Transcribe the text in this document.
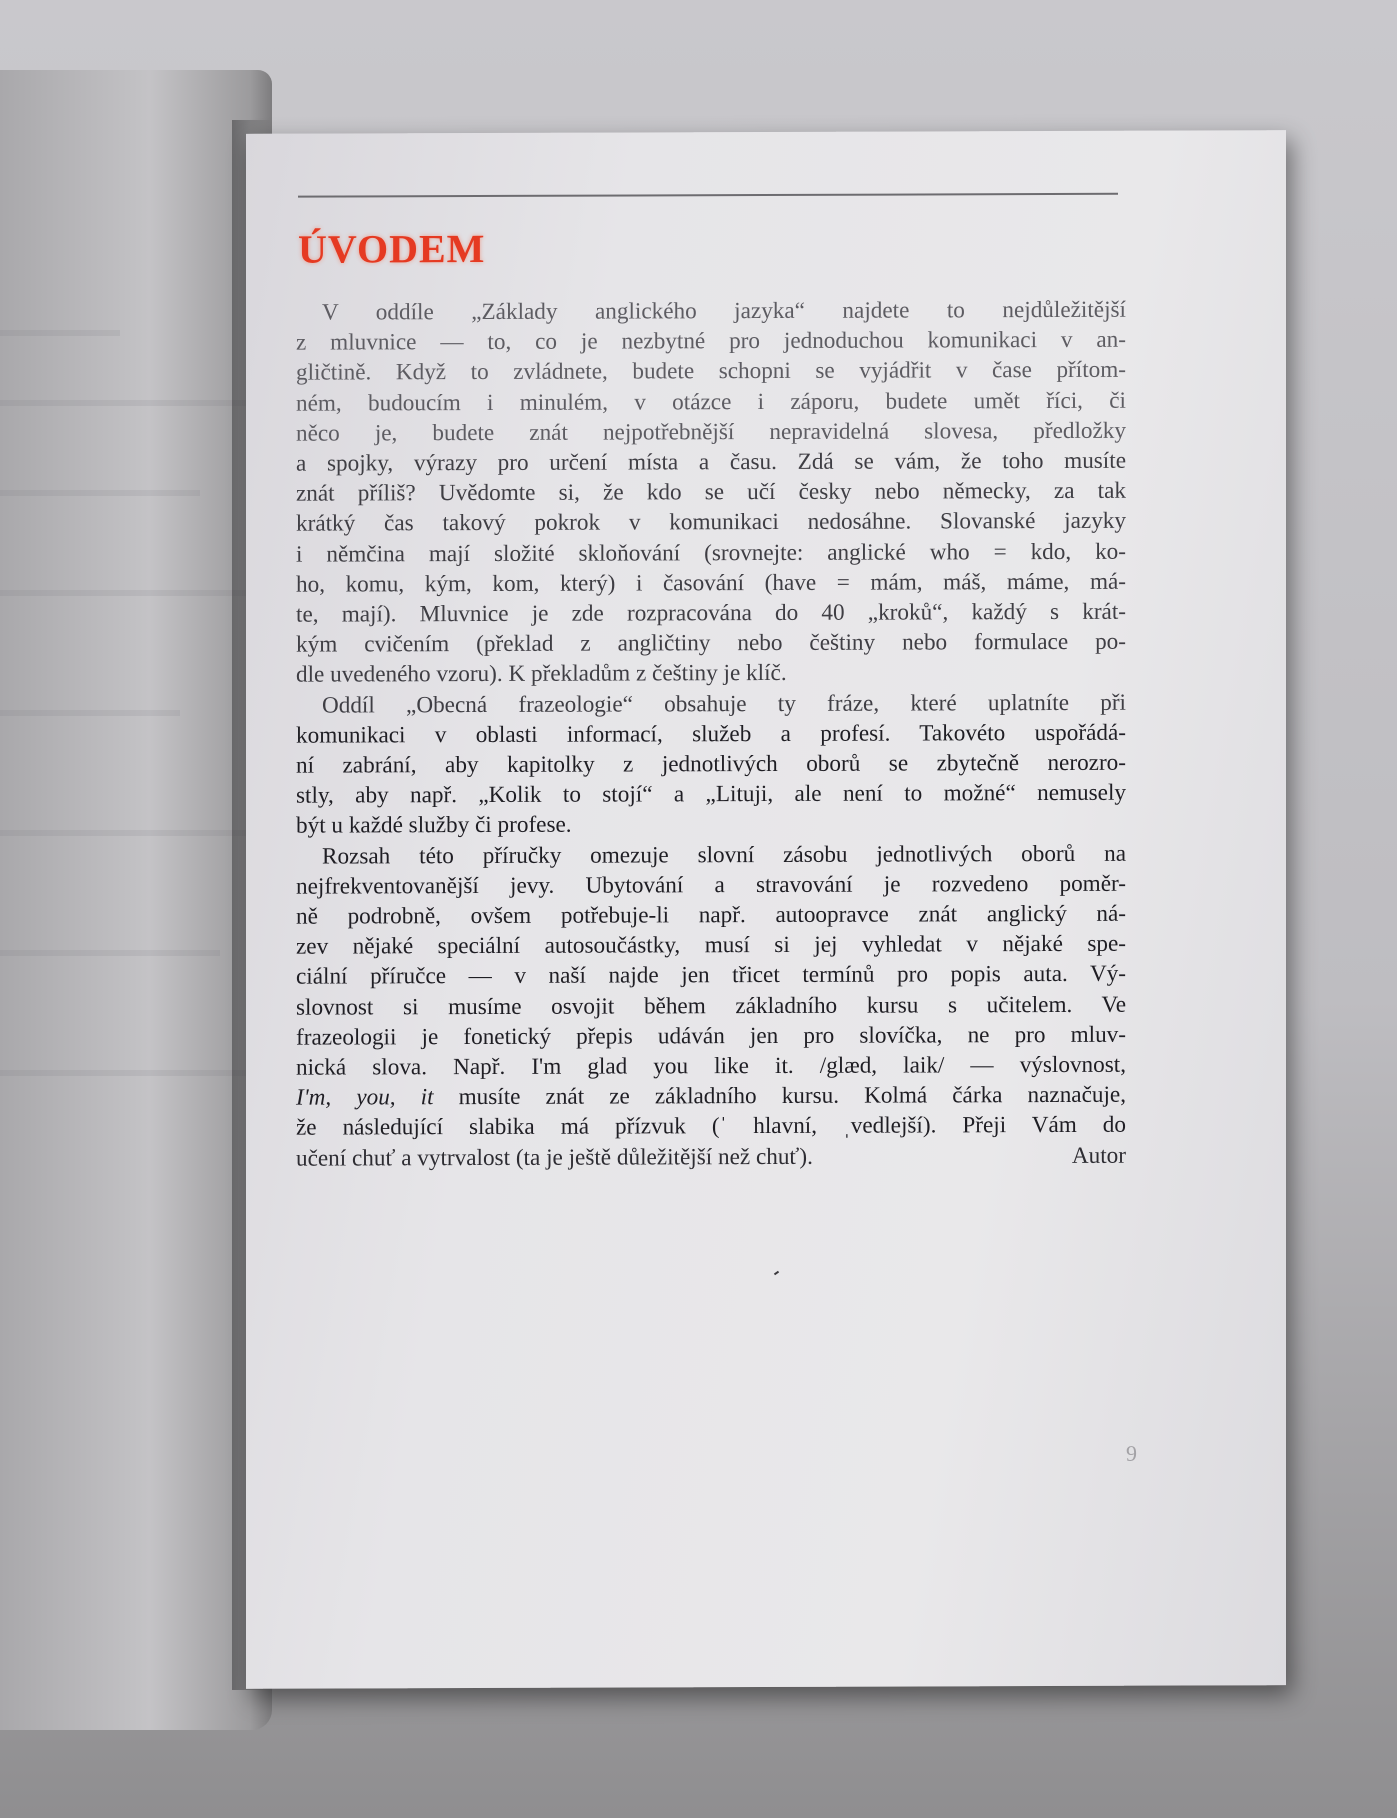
ÚVODEM
V oddíle „Základy anglického jazyka“ najdete to nejdůležitější
z mluvnice — to, co je nezbytné pro jednoduchou komunikaci v an-
gličtině. Když to zvládnete, budete schopni se vyjádřit v čase přítom-
ném, budoucím i minulém, v otázce i záporu, budete umět říci, či
něco je, budete znát nejpotřebnější nepravidelná slovesa, předložky
a spojky, výrazy pro určení místa a času. Zdá se vám, že toho musíte
znát příliš? Uvědomte si, že kdo se učí česky nebo německy, za tak
krátký čas takový pokrok v komunikaci nedosáhne. Slovanské jazyky
i němčina mají složité skloňování (srovnejte: anglické who = kdo, ko-
ho, komu, kým, kom, který) i časování (have = mám, máš, máme, má-
te, mají). Mluvnice je zde rozpracována do 40 „kroků“, každý s krát-
kým cvičením (překlad z angličtiny nebo češtiny nebo formulace po-
dle uvedeného vzoru). K překladům z češtiny je klíč.
Oddíl „Obecná frazeologie“ obsahuje ty fráze, které uplatníte při
komunikaci v oblasti informací, služeb a profesí. Takovéto uspořádá-
ní zabrání, aby kapitolky z jednotlivých oborů se zbytečně nerozro-
stly, aby např. „Kolik to stojí“ a „Lituji, ale není to možné“ nemusely
být u každé služby či profese.
Rozsah této příručky omezuje slovní zásobu jednotlivých oborů na
nejfrekventovanější jevy. Ubytování a stravování je rozvedeno poměr-
ně podrobně, ovšem potřebuje-li např. autoopravce znát anglický ná-
zev nějaké speciální autosoučástky, musí si jej vyhledat v nějaké spe-
ciální příručce — v naší najde jen třicet termínů pro popis auta. Vý-
slovnost si musíme osvojit během základního kursu s učitelem. Ve
frazeologii je fonetický přepis udáván jen pro slovíčka, ne pro mluv-
nická slova. Např. I'm glad you like it. /glæd, laik/ — výslovnost,
I'm, you, it musíte znát ze základního kursu. Kolmá čárka naznačuje,
že následující slabika má přízvuk (ˈ hlavní, ˌvedlejší). Přeji Vám do
učení chuť a vytrvalost (ta je ještě důležitější než chuť).	Autor
9
